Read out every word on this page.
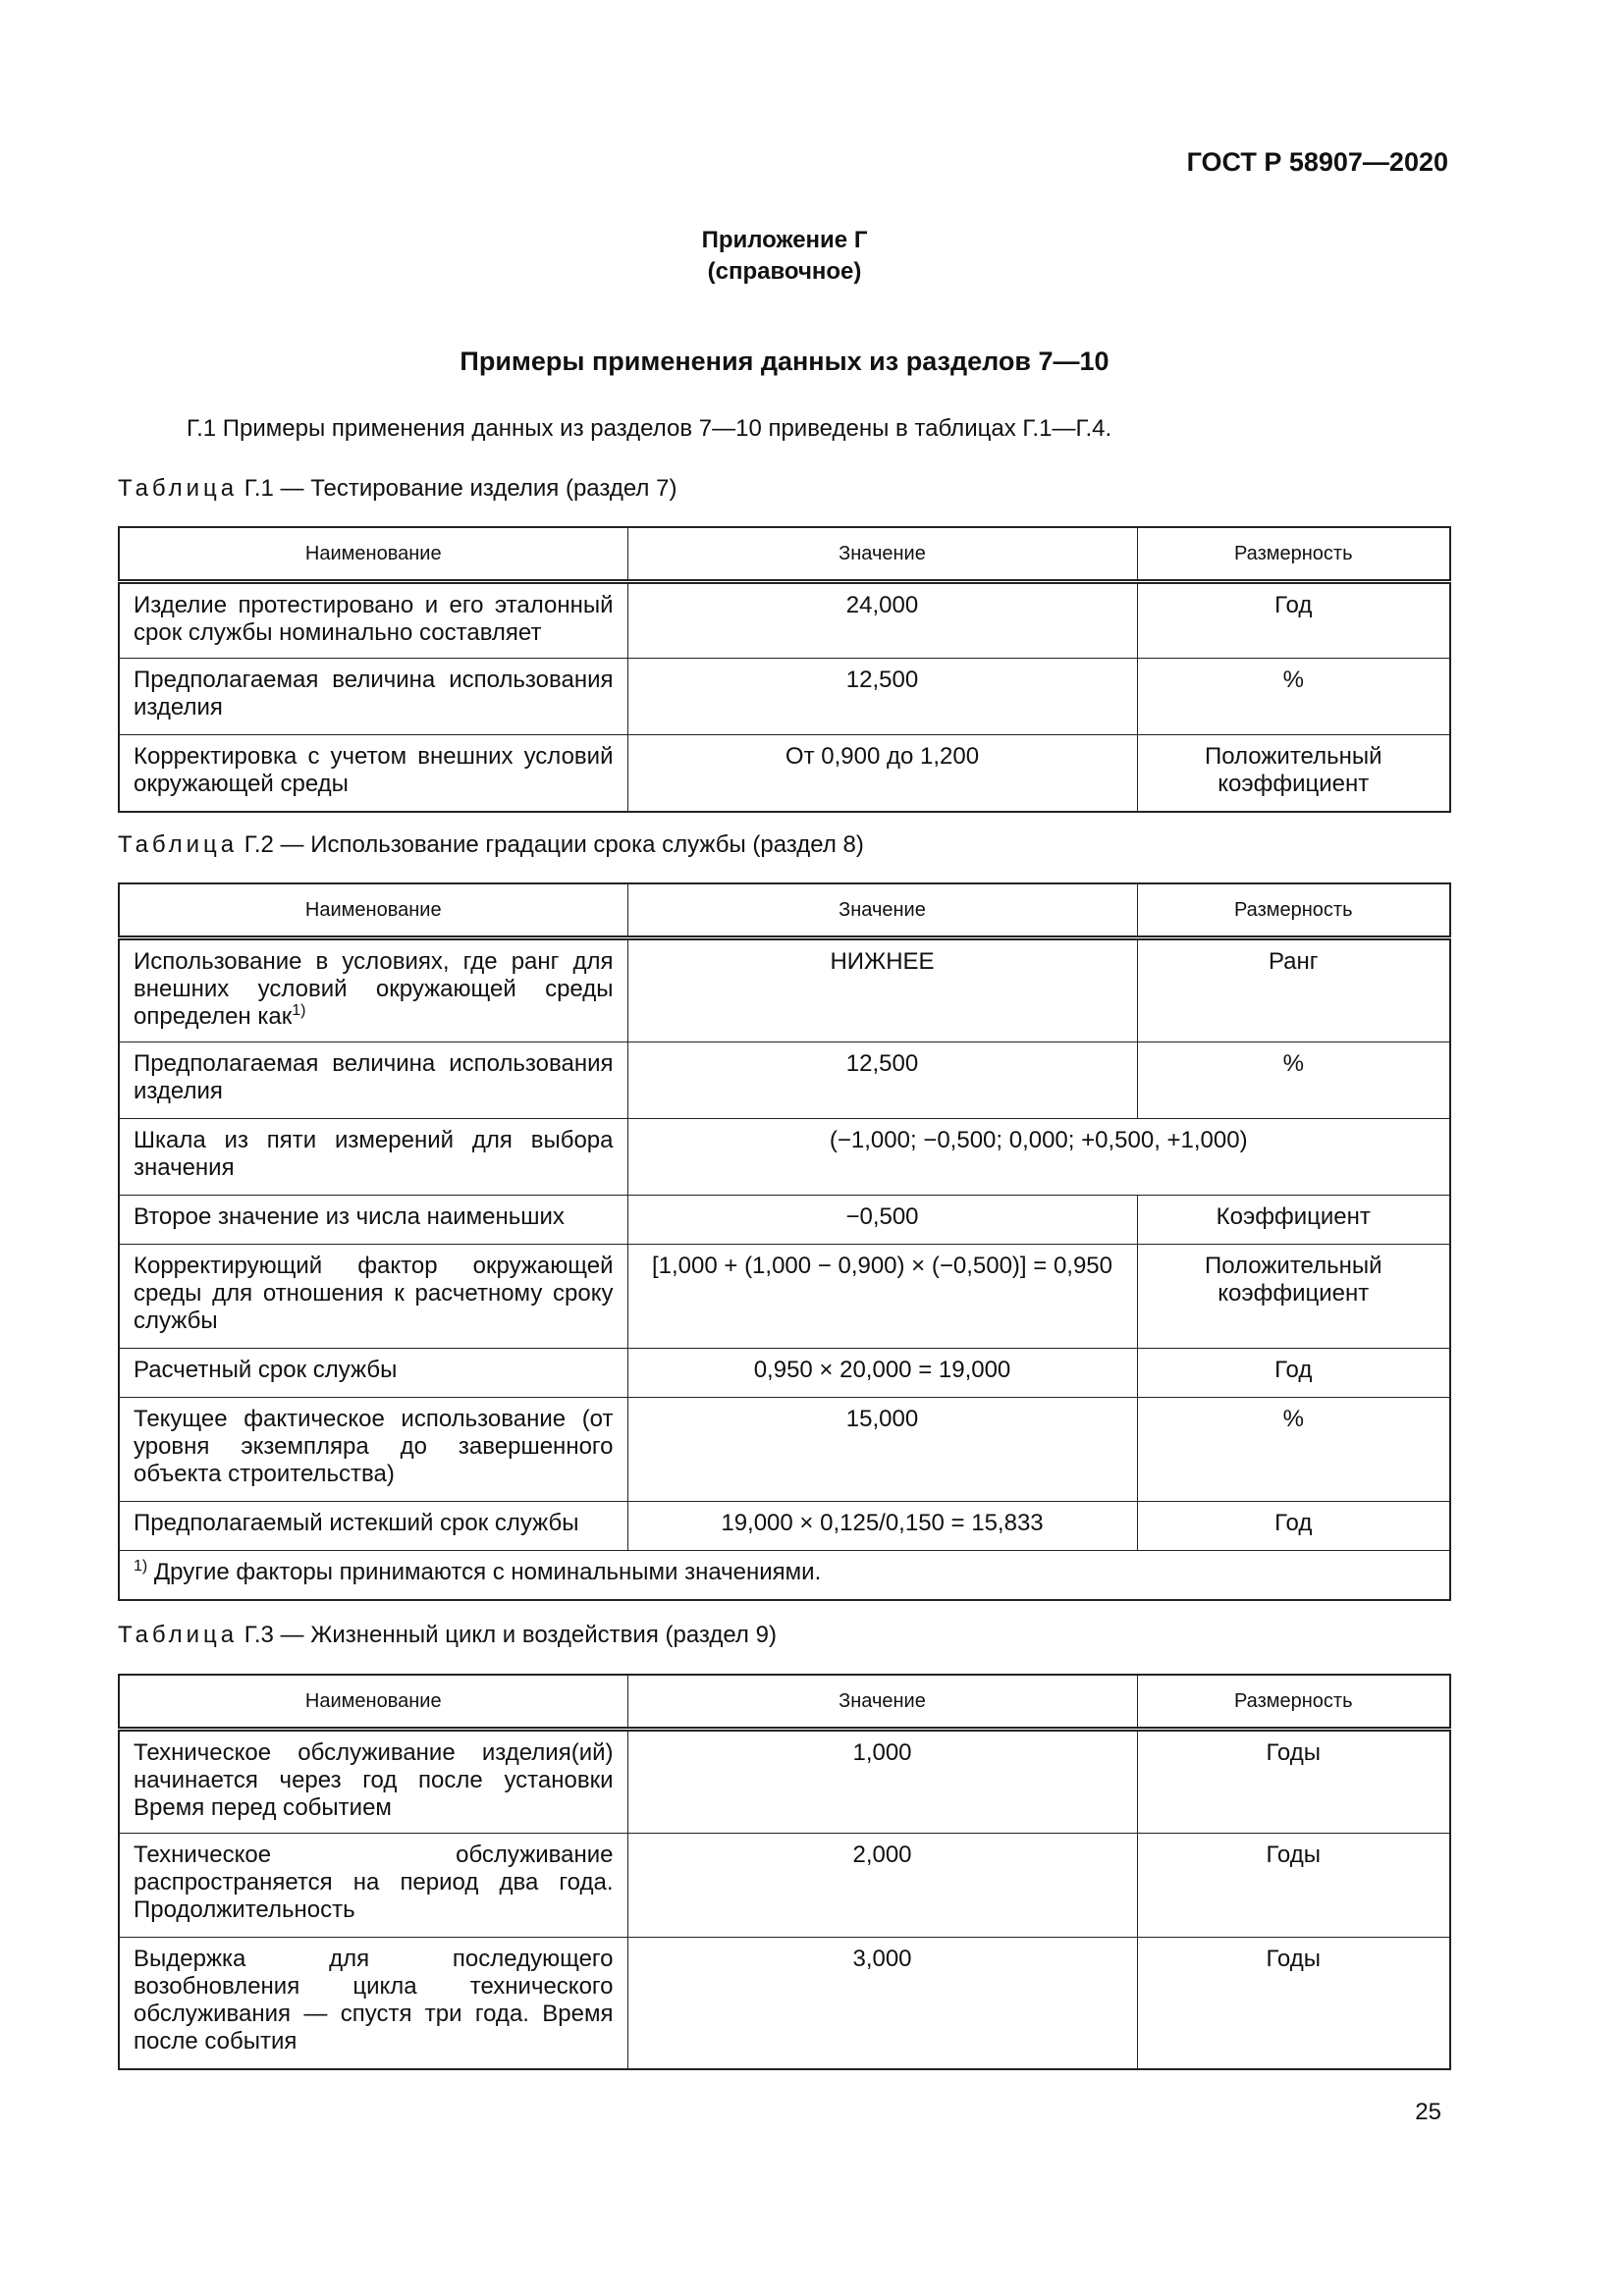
ГОСТ Р 58907—2020
Приложение Г
(справочное)
Примеры применения данных из разделов 7—10
Г.1 Примеры применения данных из разделов 7—10 приведены в таблицах Г.1—Г.4.
Таблица Г.1 — Тестирование изделия (раздел 7)
Наименование	Значение	Размерность
Изделие протестировано и его эталонный срок службы номинально составляет	24,000	Год
Предполагаемая величина использования изделия	12,500	%
Корректировка с учетом внешних условий окружающей среды	От 0,900 до 1,200	Положительный коэффициент
Таблица Г.2 — Использование градации срока службы (раздел 8)
Наименование	Значение	Размерность
Использование в условиях, где ранг для внешних условий окружающей среды определен как$^{1)}$	НИЖНЕЕ	Ранг
Предполагаемая величина использования изделия	12,500	%
Шкала из пяти измерений для выбора значения	(−1,000; −0,500; 0,000; +0,500, +1,000)	
Второе значение из числа наименьших	−0,500	Коэффициент
Корректирующий фактор окружающей среды для отношения к расчетному сроку службы	[1,000 + (1,000 − 0,900) × (−0,500)] = 0,950	Положительный коэффициент
Расчетный срок службы	0,950 × 20,000 = 19,000	Год
Текущее фактическое использование (от уровня экземпляра до завершенного объекта строительства)	15,000	%
Предполагаемый истекший срок службы	19,000 × 0,125/0,150 = 15,833	Год
$^{1)}$ Другие факторы принимаются с номинальными значениями.		
Таблица Г.3 — Жизненный цикл и воздействия (раздел 9)
Наименование	Значение	Размерность
Техническое обслуживание изделия(ий) начинается через год после установки Время перед событием	1,000	Годы
Техническое обслуживание распространяется на период два года. Продолжительность	2,000	Годы
Выдержка для последующего возобновления цикла технического обслуживания — спустя три года. Время после события	3,000	Годы
25
